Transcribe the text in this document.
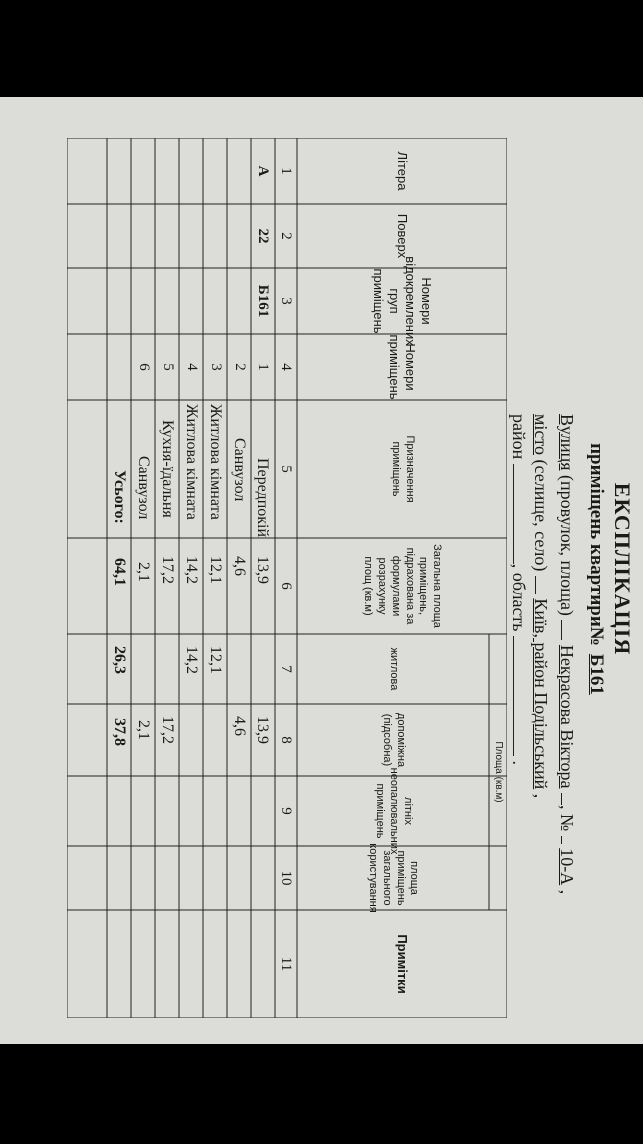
ЕКСПЛІКАЦІЯ
приміщень квартири№Б161
Вулиця (провулок, площа)  Некрасова Віктора , №  10-А ,
місто (селище, село)  Київ, район Подільський ,
район , область  .
Літера
Поверх
Номери відокремлених груп приміщень
Номери приміщень
Призначення приміщень
Загальна площа приміщень, підрахована за формулами розрахунку площ (кв.м)
Площа (кв.м)
житлова
допоміжна (підсобна)
літніх неопалювальних приміщень
площа приміщень загального користування
Примітки
1
2
3
4
5
6
7
8
9
10
11
А
22
Б161
1
Передпокій
13,9
13,9
2
Санвузол
4,6
4,6
3
Житлова кімната
12,1
12,1
4
Житлова кімната
14,2
14,2
5
Кухня-їдальня
17,2
17,2
6
Санвузол
2,1
2,1
Усього:
64,1
26,3
37,8
